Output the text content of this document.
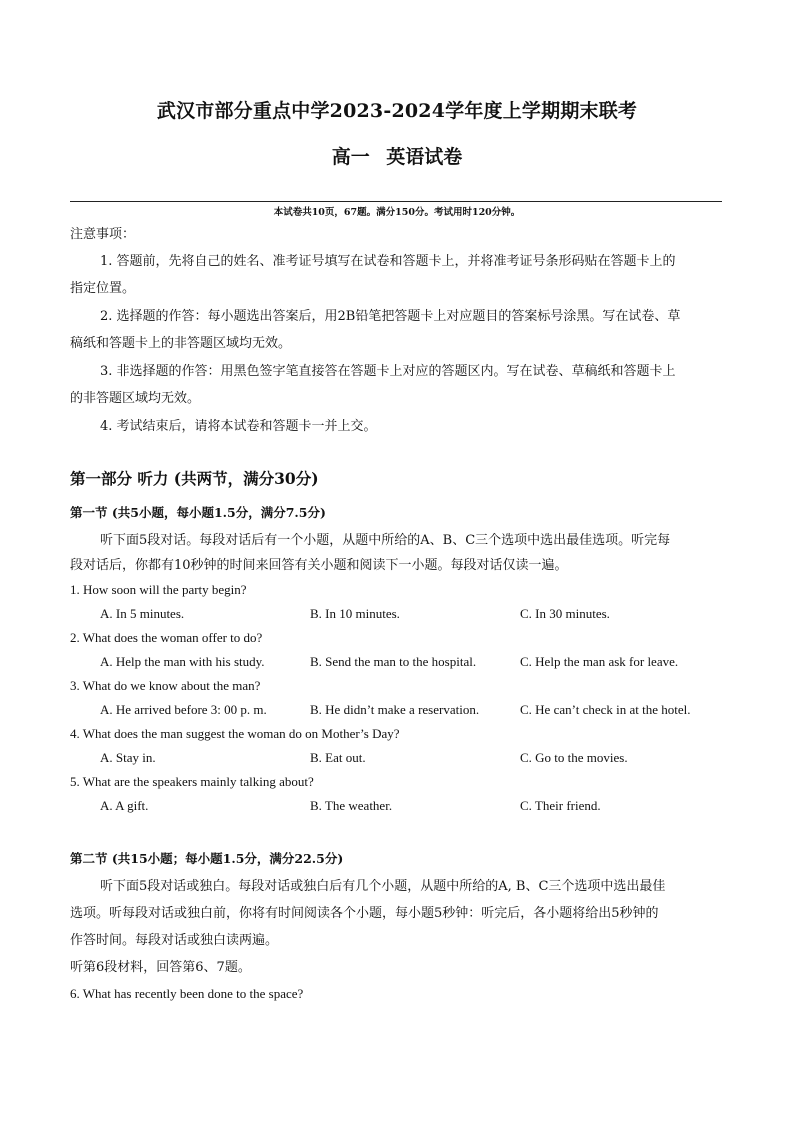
武汉市部分重点中学2023-2024学年度上学期期末联考
高一 英语试卷
本试卷共10页，67题。满分150分。考试用时120分钟。
注意事项：
1. 答题前，先将自己的姓名、准考证号填写在试卷和答题卡上，并将准考证号条形码贴在答题卡上的
指定位置。
2. 选择题的作答：每小题选出答案后，用2B铅笔把答题卡上对应题目的答案标号涂黑。写在试卷、草
稿纸和答题卡上的非答题区域均无效。
3. 非选择题的作答：用黑色签字笔直接答在答题卡上对应的答题区内。写在试卷、草稿纸和答题卡上
的非答题区域均无效。
4. 考试结束后，请将本试卷和答题卡一并上交。
第一部分 听力 (共两节，满分30分)
第一节 (共5小题，每小题1.5分，满分7.5分)
听下面5段对话。每段对话后有一个小题，从题中所给的A、B、C三个选项中选出最佳选项。听完每
段对话后，你都有10秒钟的时间来回答有关小题和阅读下一小题。每段对话仅读一遍。
1. How soon will the party begin?
A. In 5 minutes.	B. In 10 minutes.	C. In 30 minutes.
2. What does the woman offer to do?
A. Help the man with his study.	B. Send the man to the hospital.	C. Help the man ask for leave.
3. What do we know about the man?
A. He arrived before 3: 00 p. m.	B. He didn’t make a reservation.	C. He can’t check in at the hotel.
4. What does the man suggest the woman do on Mother’s Day?
A. Stay in.	B. Eat out.	C. Go to the movies.
5. What are the speakers mainly talking about?
A. A gift.	B. The weather.	C. Their friend.
第二节 (共15小题；每小题1.5分，满分22.5分)
听下面5段对话或独白。每段对话或独白后有几个小题，从题中所给的A, B、C三个选项中选出最佳
选项。听每段对话或独白前，你将有时间阅读各个小题，每小题5秒钟：听完后，各小题将给出5秒钟的
作答时间。每段对话或独白读两遍。
听第6段材料，回答第6、7题。
6. What has recently been done to the space?
